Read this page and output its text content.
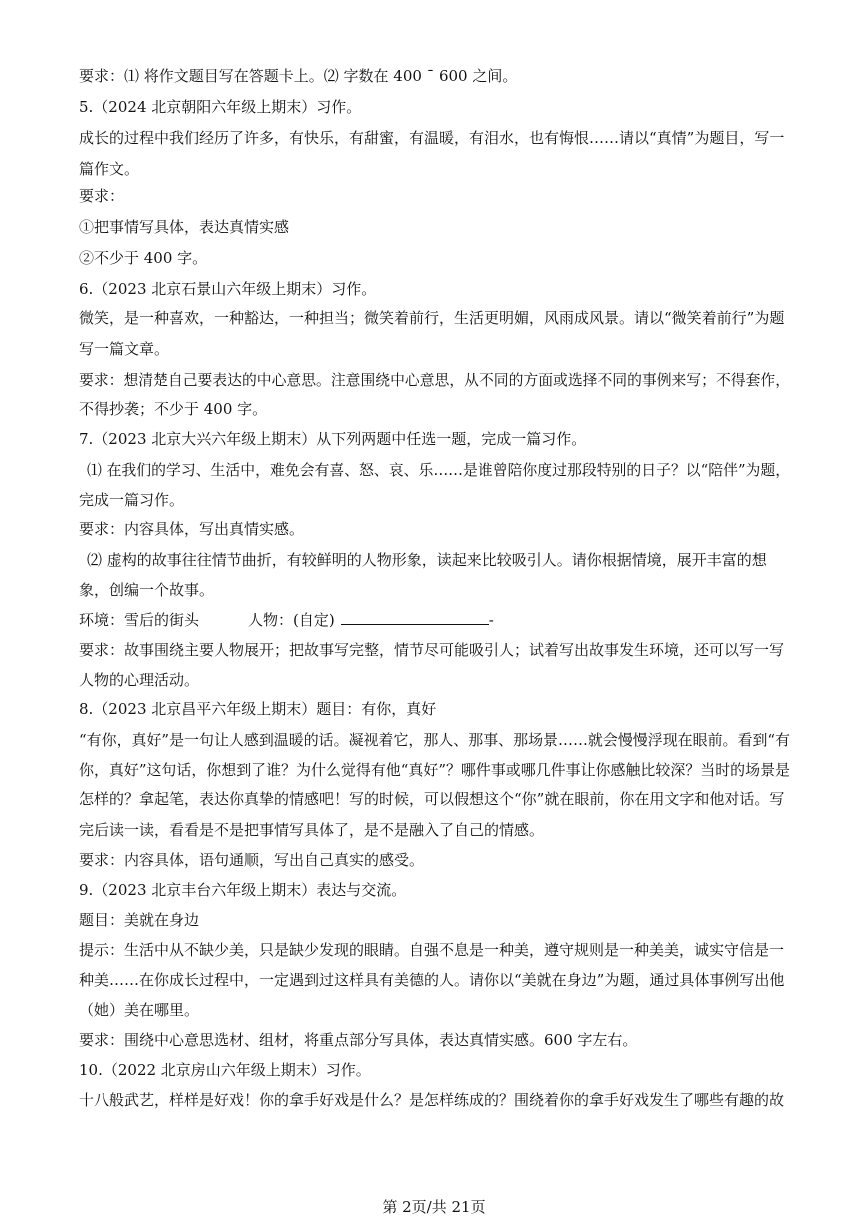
要求：⑴ 将作文题目写在答题卡上。⑵ 字数在 400 ˉ 600 之间。
5.（2024 北京朝阳六年级上期末）习作。
成长的过程中我们经历了许多，有快乐，有甜蜜，有温暖，有泪水，也有悔恨……请以“真情”为题目，写一
篇作文。
要求：
①把事情写具体，表达真情实感
②不少于 400 字。
6.（2023 北京石景山六年级上期末）习作。
微笑，是一种喜欢，一种豁达，一种担当；微笑着前行，生活更明媚，风雨成风景。请以“微笑着前行”为题
写一篇文章。
要求：想清楚自己要表达的中心意思。注意围绕中心意思，从不同的方面或选择不同的事例来写；不得套作，
不得抄袭；不少于 400 字。
7.（2023 北京大兴六年级上期末）从下列两题中任选一题，完成一篇习作。
⑴ 在我们的学习、生活中，难免会有喜、怒、哀、乐……是谁曾陪你度过那段特别的日子？以“陪伴”为题，
完成一篇习作。
要求：内容具体，写出真情实感。
⑵ 虚构的故事往往情节曲折，有较鲜明的人物形象，读起来比较吸引人。请你根据情境，展开丰富的想
象，创编一个故事。
环境：雪后的街头	人物：(自定)	-
要求：故事围绕主要人物展开；把故事写完整，情节尽可能吸引人；试着写出故事发生环境，还可以写一写
人物的心理活动。
8.（2023 北京昌平六年级上期末）题目：有你，真好
“有你，真好”是一句让人感到温暖的话。凝视着它，那人、那事、那场景……就会慢慢浮现在眼前。看到“有
你，真好”这句话，你想到了谁？为什么觉得有他“真好”？哪件事或哪几件事让你感触比较深？当时的场景是
怎样的？拿起笔，表达你真挚的情感吧！写的时候，可以假想这个“你”就在眼前，你在用文字和他对话。写
完后读一读，看看是不是把事情写具体了，是不是融入了自己的情感。
要求：内容具体，语句通顺，写出自己真实的感受。
9.（2023 北京丰台六年级上期末）表达与交流。
题目：美就在身边
提示：生活中从不缺少美，只是缺少发现的眼睛。自强不息是一种美，遵守规则是一种美美，诚实守信是一
种美……在你成长过程中，一定遇到过这样具有美德的人。请你以“美就在身边”为题，通过具体事例写出他
（她）美在哪里。
要求：围绕中心意思选材、组材，将重点部分写具体，表达真情实感。600 字左右。
10.（2022 北京房山六年级上期末）习作。
十八般武艺，样样是好戏！你的拿手好戏是什么？是怎样练成的？围绕着你的拿手好戏发生了哪些有趣的故
第 2页/共 21页
